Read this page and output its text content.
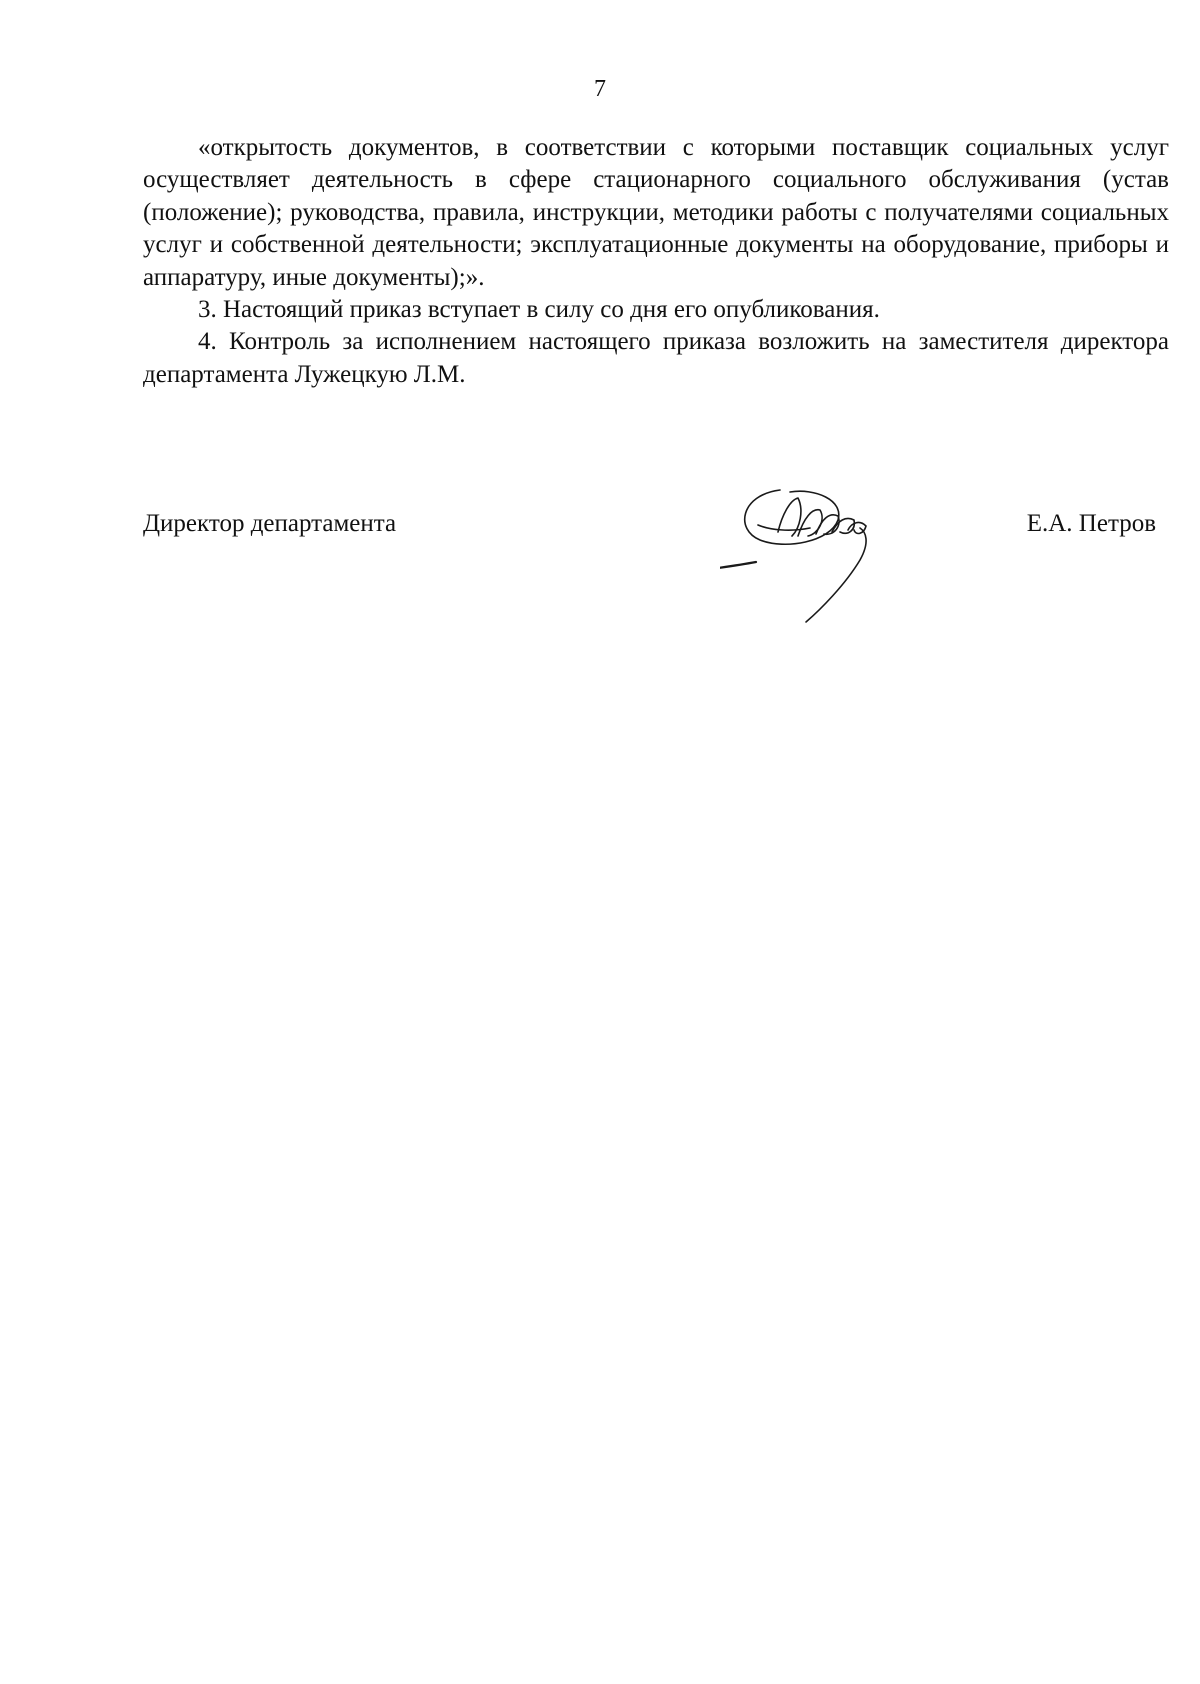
7

«открытость документов, в соответствии с которыми поставщик социальных услуг осуществляет деятельность в сфере стационарного социального обслуживания (устав (положение); руководства, правила, инструкции, методики работы с получателями социальных услуг и собственной деятельности; эксплуатационные документы на оборудование, приборы и аппаратуру, иные документы);».

3. Настоящий приказ вступает в силу со дня его опубликования.

4. Контроль за исполнением настоящего приказа возложить на заместителя директора департамента Лужецкую Л.М.

Директор департамента	Е.А. Петров
